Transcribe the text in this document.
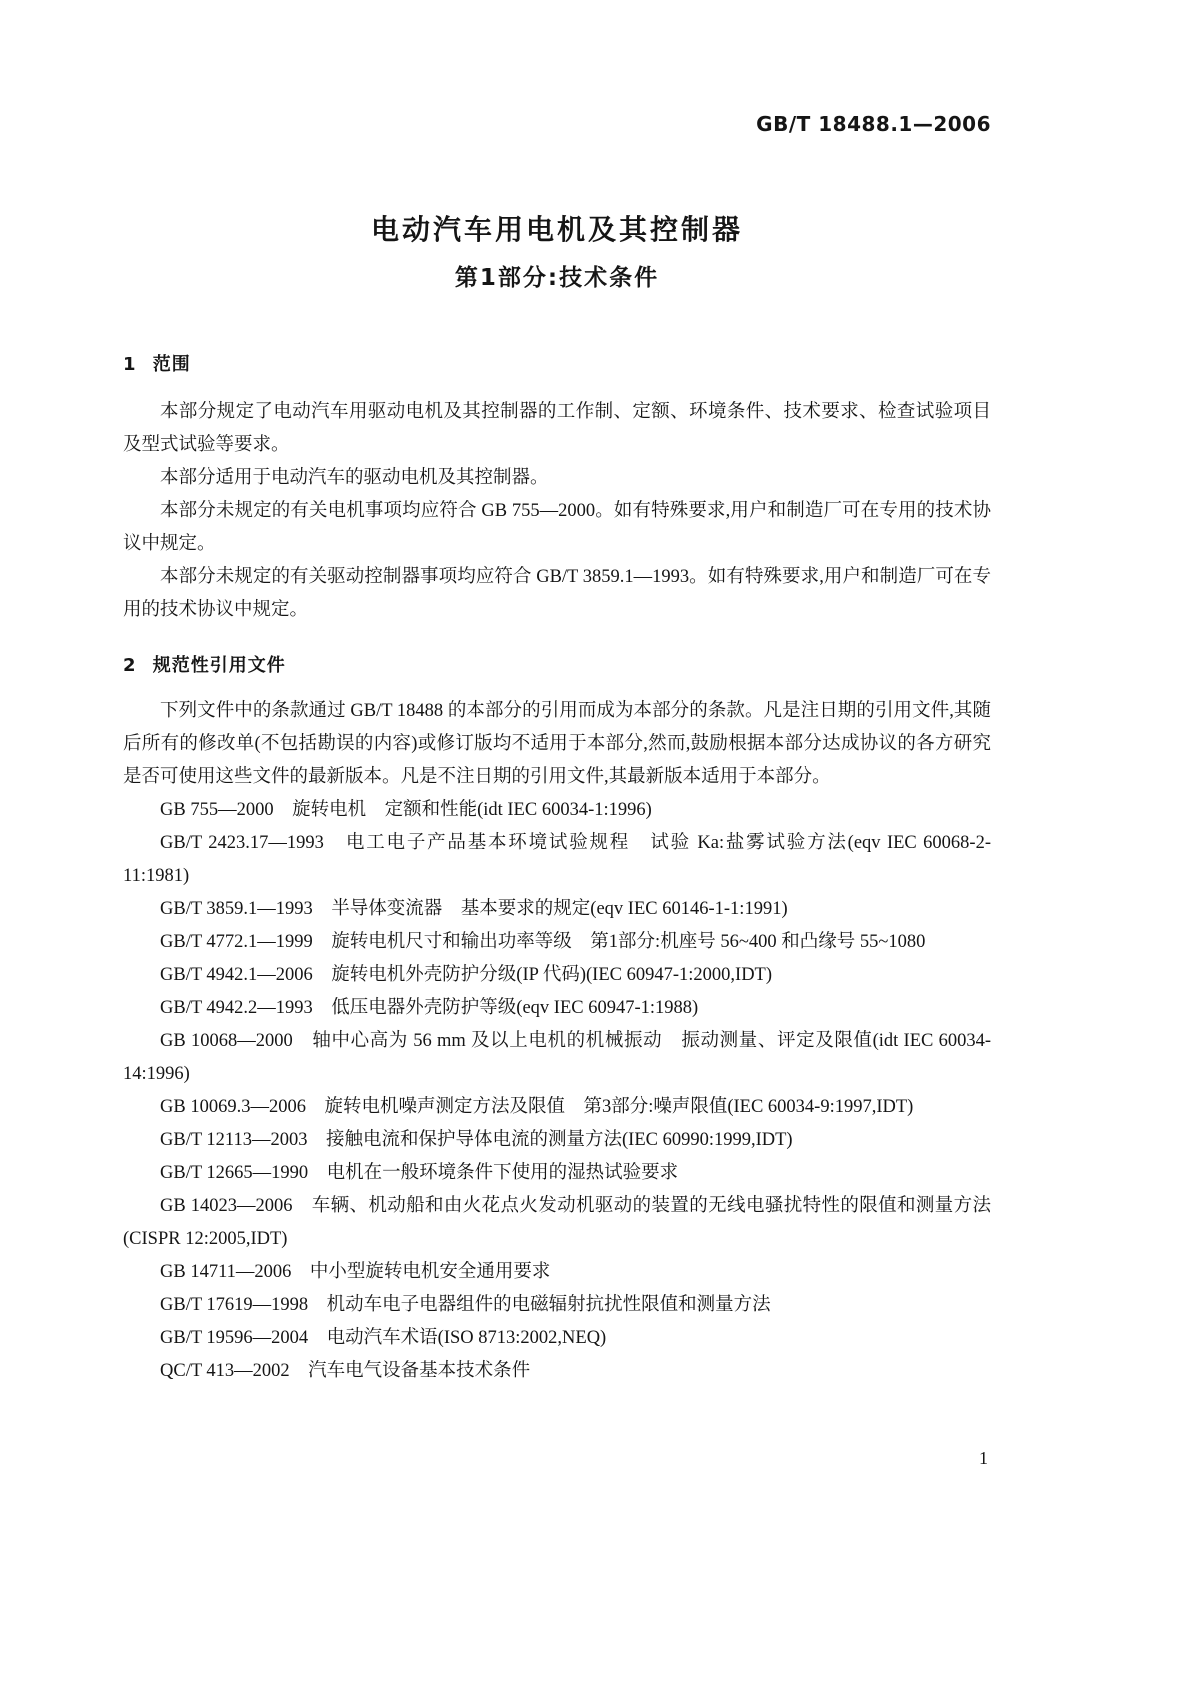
GB/T 18488.1—2006
电动汽车用电机及其控制器
第1部分:技术条件
1 范围

本部分规定了电动汽车用驱动电机及其控制器的工作制、定额、环境条件、技术要求、检查试验项目及型式试验等要求。

本部分适用于电动汽车的驱动电机及其控制器。

本部分未规定的有关电机事项均应符合 GB 755—2000。如有特殊要求,用户和制造厂可在专用的技术协议中规定。

本部分未规定的有关驱动控制器事项均应符合 GB/T 3859.1—1993。如有特殊要求,用户和制造厂可在专用的技术协议中规定。

2 规范性引用文件

下列文件中的条款通过 GB/T 18488 的本部分的引用而成为本部分的条款。凡是注日期的引用文件,其随后所有的修改单(不包括勘误的内容)或修订版均不适用于本部分,然而,鼓励根据本部分达成协议的各方研究是否可使用这些文件的最新版本。凡是不注日期的引用文件,其最新版本适用于本部分。

GB 755—2000　旋转电机　定额和性能(idt IEC 60034-1:1996)

GB/T 2423.17—1993　电工电子产品基本环境试验规程　试验 Ka:盐雾试验方法(eqv IEC 60068-2-11:1981)

GB/T 3859.1—1993　半导体变流器　基本要求的规定(eqv IEC 60146-1-1:1991)

GB/T 4772.1—1999　旋转电机尺寸和输出功率等级　第1部分:机座号 56~400 和凸缘号 55~1080

GB/T 4942.1—2006　旋转电机外壳防护分级(IP 代码)(IEC 60947-1:2000,IDT)

GB/T 4942.2—1993　低压电器外壳防护等级(eqv IEC 60947-1:1988)

GB 10068—2000　轴中心高为 56 mm 及以上电机的机械振动　振动测量、评定及限值(idt IEC 60034-14:1996)

GB 10069.3—2006　旋转电机噪声测定方法及限值　第3部分:噪声限值(IEC 60034-9:1997,IDT)

GB/T 12113—2003　接触电流和保护导体电流的测量方法(IEC 60990:1999,IDT)

GB/T 12665—1990　电机在一般环境条件下使用的湿热试验要求

GB 14023—2006　车辆、机动船和由火花点火发动机驱动的装置的无线电骚扰特性的限值和测量方法(CISPR 12:2005,IDT)

GB 14711—2006　中小型旋转电机安全通用要求

GB/T 17619—1998　机动车电子电器组件的电磁辐射抗扰性限值和测量方法

GB/T 19596—2004　电动汽车术语(ISO 8713:2002,NEQ)

QC/T 413—2002　汽车电气设备基本技术条件

1
